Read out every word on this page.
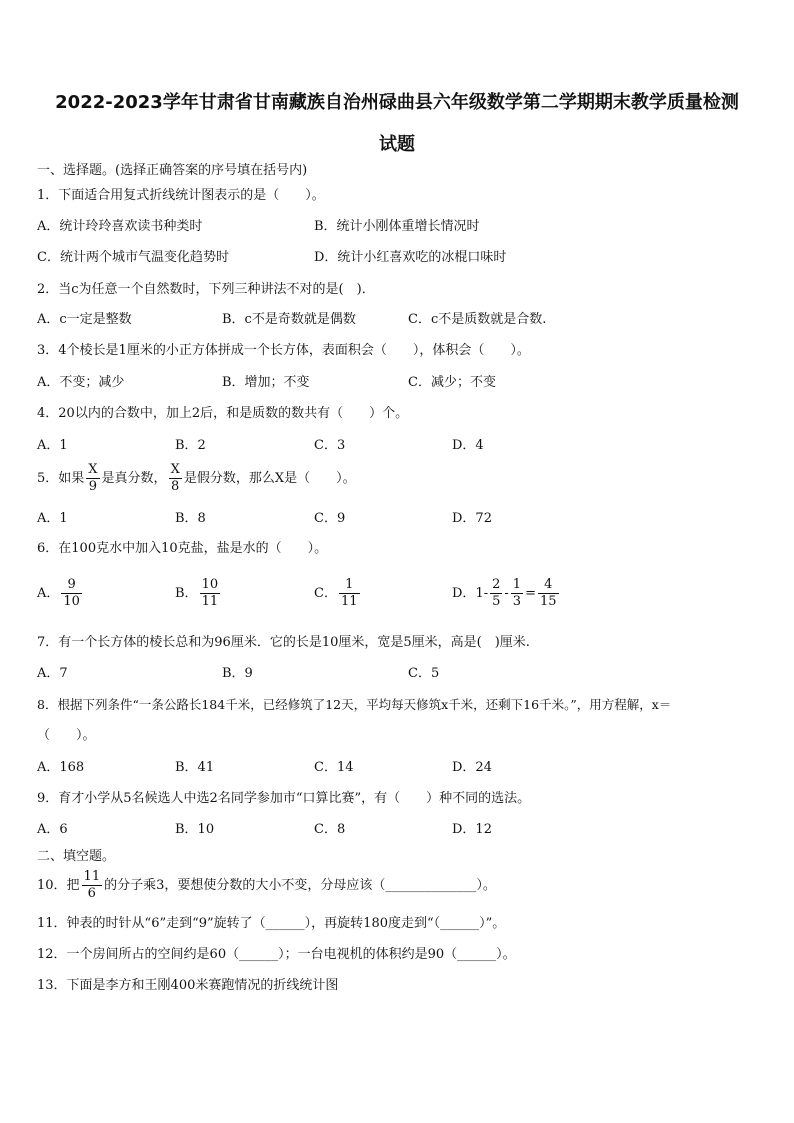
2022-2023学年甘肃省甘南藏族自治州碌曲县六年级数学第二学期期末教学质量检测
试题
一、选择题。(选择正确答案的序号填在括号内)
1．下面适合用复式折线统计图表示的是（　　）。
A．统计玲玲喜欢读书种类时	B．统计小刚体重增长情况时
C．统计两个城市气温变化趋势时	D．统计小红喜欢吃的冰棍口味时
2．当c为任意一个自然数时，下列三种讲法不对的是(　)．
A．c一定是整数	B．c不是奇数就是偶数	C．c不是质数就是合数.
3．4个棱长是1厘米的小正方体拼成一个长方体，表面积会（　　），体积会（　　）。
A．不变；减少	B．增加；不变	C．减少；不变
4．20以内的合数中，加上2后，和是质数的数共有（　　）个。
A．1	B．2	C．3	D．4
5．如果 $\frac{X}{9}$ 是真分数， $\frac{X}{8}$ 是假分数，那么X是（　　）。
A．1	B．8	C．9	D．72
6．在100克水中加入10克盐，盐是水的（　　）。
A． $\frac{9}{10}$	B． $\frac{10}{11}$	C． $\frac{1}{11}$	D．$1- \frac{2}{5} - \frac{1}{3} = \frac{4}{15}$
7．有一个长方体的棱长总和为96厘米．它的长是10厘米，宽是5厘米，高是(　)厘米.
A．7	B．9	C．5
8．根据下列条件“一条公路长184千米，已经修筑了12天，平均每天修筑x千米，还剩下16千米。”，用方程解，x＝
（　　）。
A．168	B．41	C．14	D．24
9．育才小学从5名候选人中选2名同学参加市“口算比赛”，有（　　）种不同的选法。
A．6	B．10	C．8	D．12
二、填空题。
10．把 $\frac{11}{6}$ 的分子乘3，要想使分数的大小不变，分母应该（______________）。
11．钟表的时针从“6”走到“9”旋转了（______），再旋转180度走到“（______）”。
12．一个房间所占的空间约是60（______）；一台电视机的体积约是90（______）。
13．下面是李方和王刚400米赛跑情况的折线统计图
